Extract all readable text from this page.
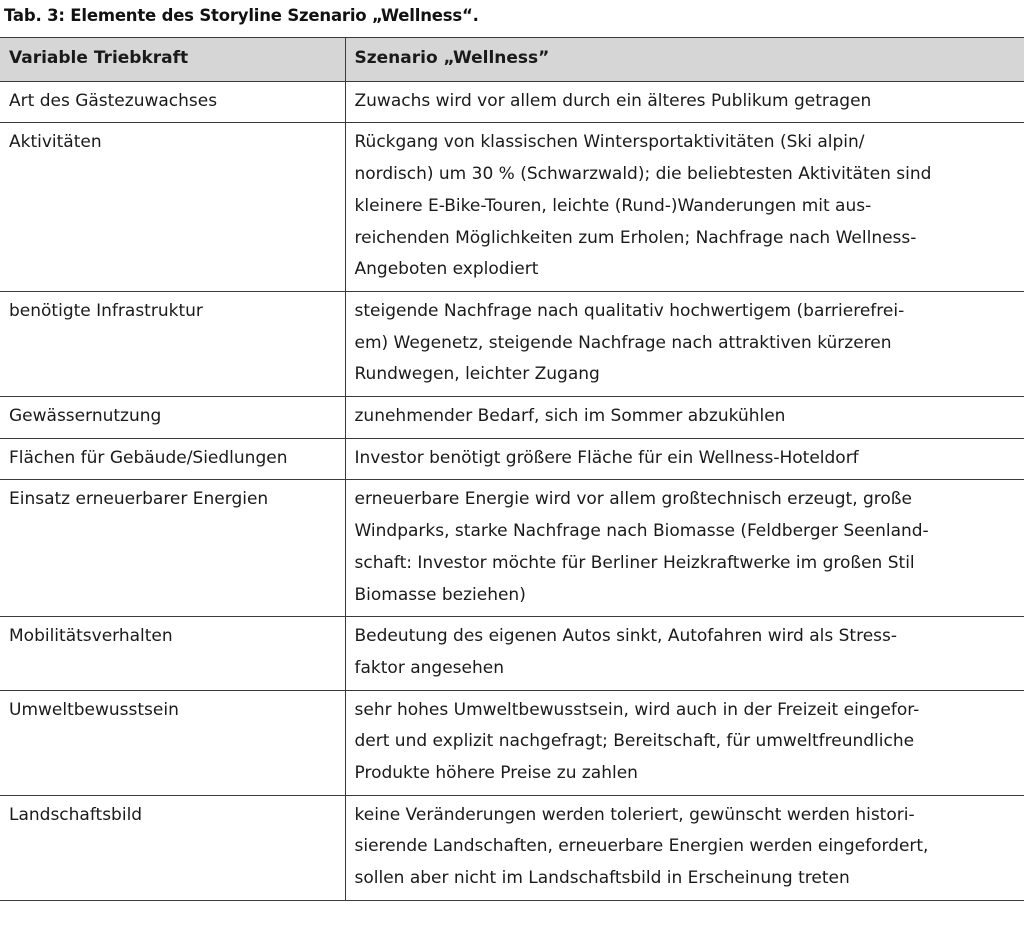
Tab. 3: Elemente des Storyline Szenario „Wellness“.
Variable Triebkraft	Szenario „Wellness”
Art des Gästezuwachses	Zuwachs wird vor allem durch ein älteres Publikum getragen

Aktivitäten	Rückgang von klassischen Wintersportaktivitäten (Ski alpin/
nordisch) um 30 % (Schwarzwald); die beliebtesten Aktivitäten sind
kleinere E-Bike-Touren, leichte (Rund-)Wanderungen mit aus-
reichenden Möglichkeiten zum Erholen; Nachfrage nach Wellness-
Angeboten explodiert

benötigte Infrastruktur	steigende Nachfrage nach qualitativ hochwertigem (barrierefrei-
em) Wegenetz, steigende Nachfrage nach attraktiven kürzeren
Rundwegen, leichter Zugang

Gewässernutzung	zunehmender Bedarf, sich im Sommer abzukühlen

Flächen für Gebäude/Siedlungen	Investor benötigt größere Fläche für ein Wellness-Hoteldorf

Einsatz erneuerbarer Energien	erneuerbare Energie wird vor allem großtechnisch erzeugt, große
Windparks, starke Nachfrage nach Biomasse (Feldberger Seenland-
schaft: Investor möchte für Berliner Heizkraftwerke im großen Stil
Biomasse beziehen)

Mobilitätsverhalten	Bedeutung des eigenen Autos sinkt, Autofahren wird als Stress-
faktor angesehen

Umweltbewusstsein	sehr hohes Umweltbewusstsein, wird auch in der Freizeit eingefor-
dert und explizit nachgefragt; Bereitschaft, für umweltfreundliche
Produkte höhere Preise zu zahlen

Landschaftsbild	keine Veränderungen werden toleriert, gewünscht werden histori-
sierende Landschaften, erneuerbare Energien werden eingefordert,
sollen aber nicht im Landschaftsbild in Erscheinung treten
